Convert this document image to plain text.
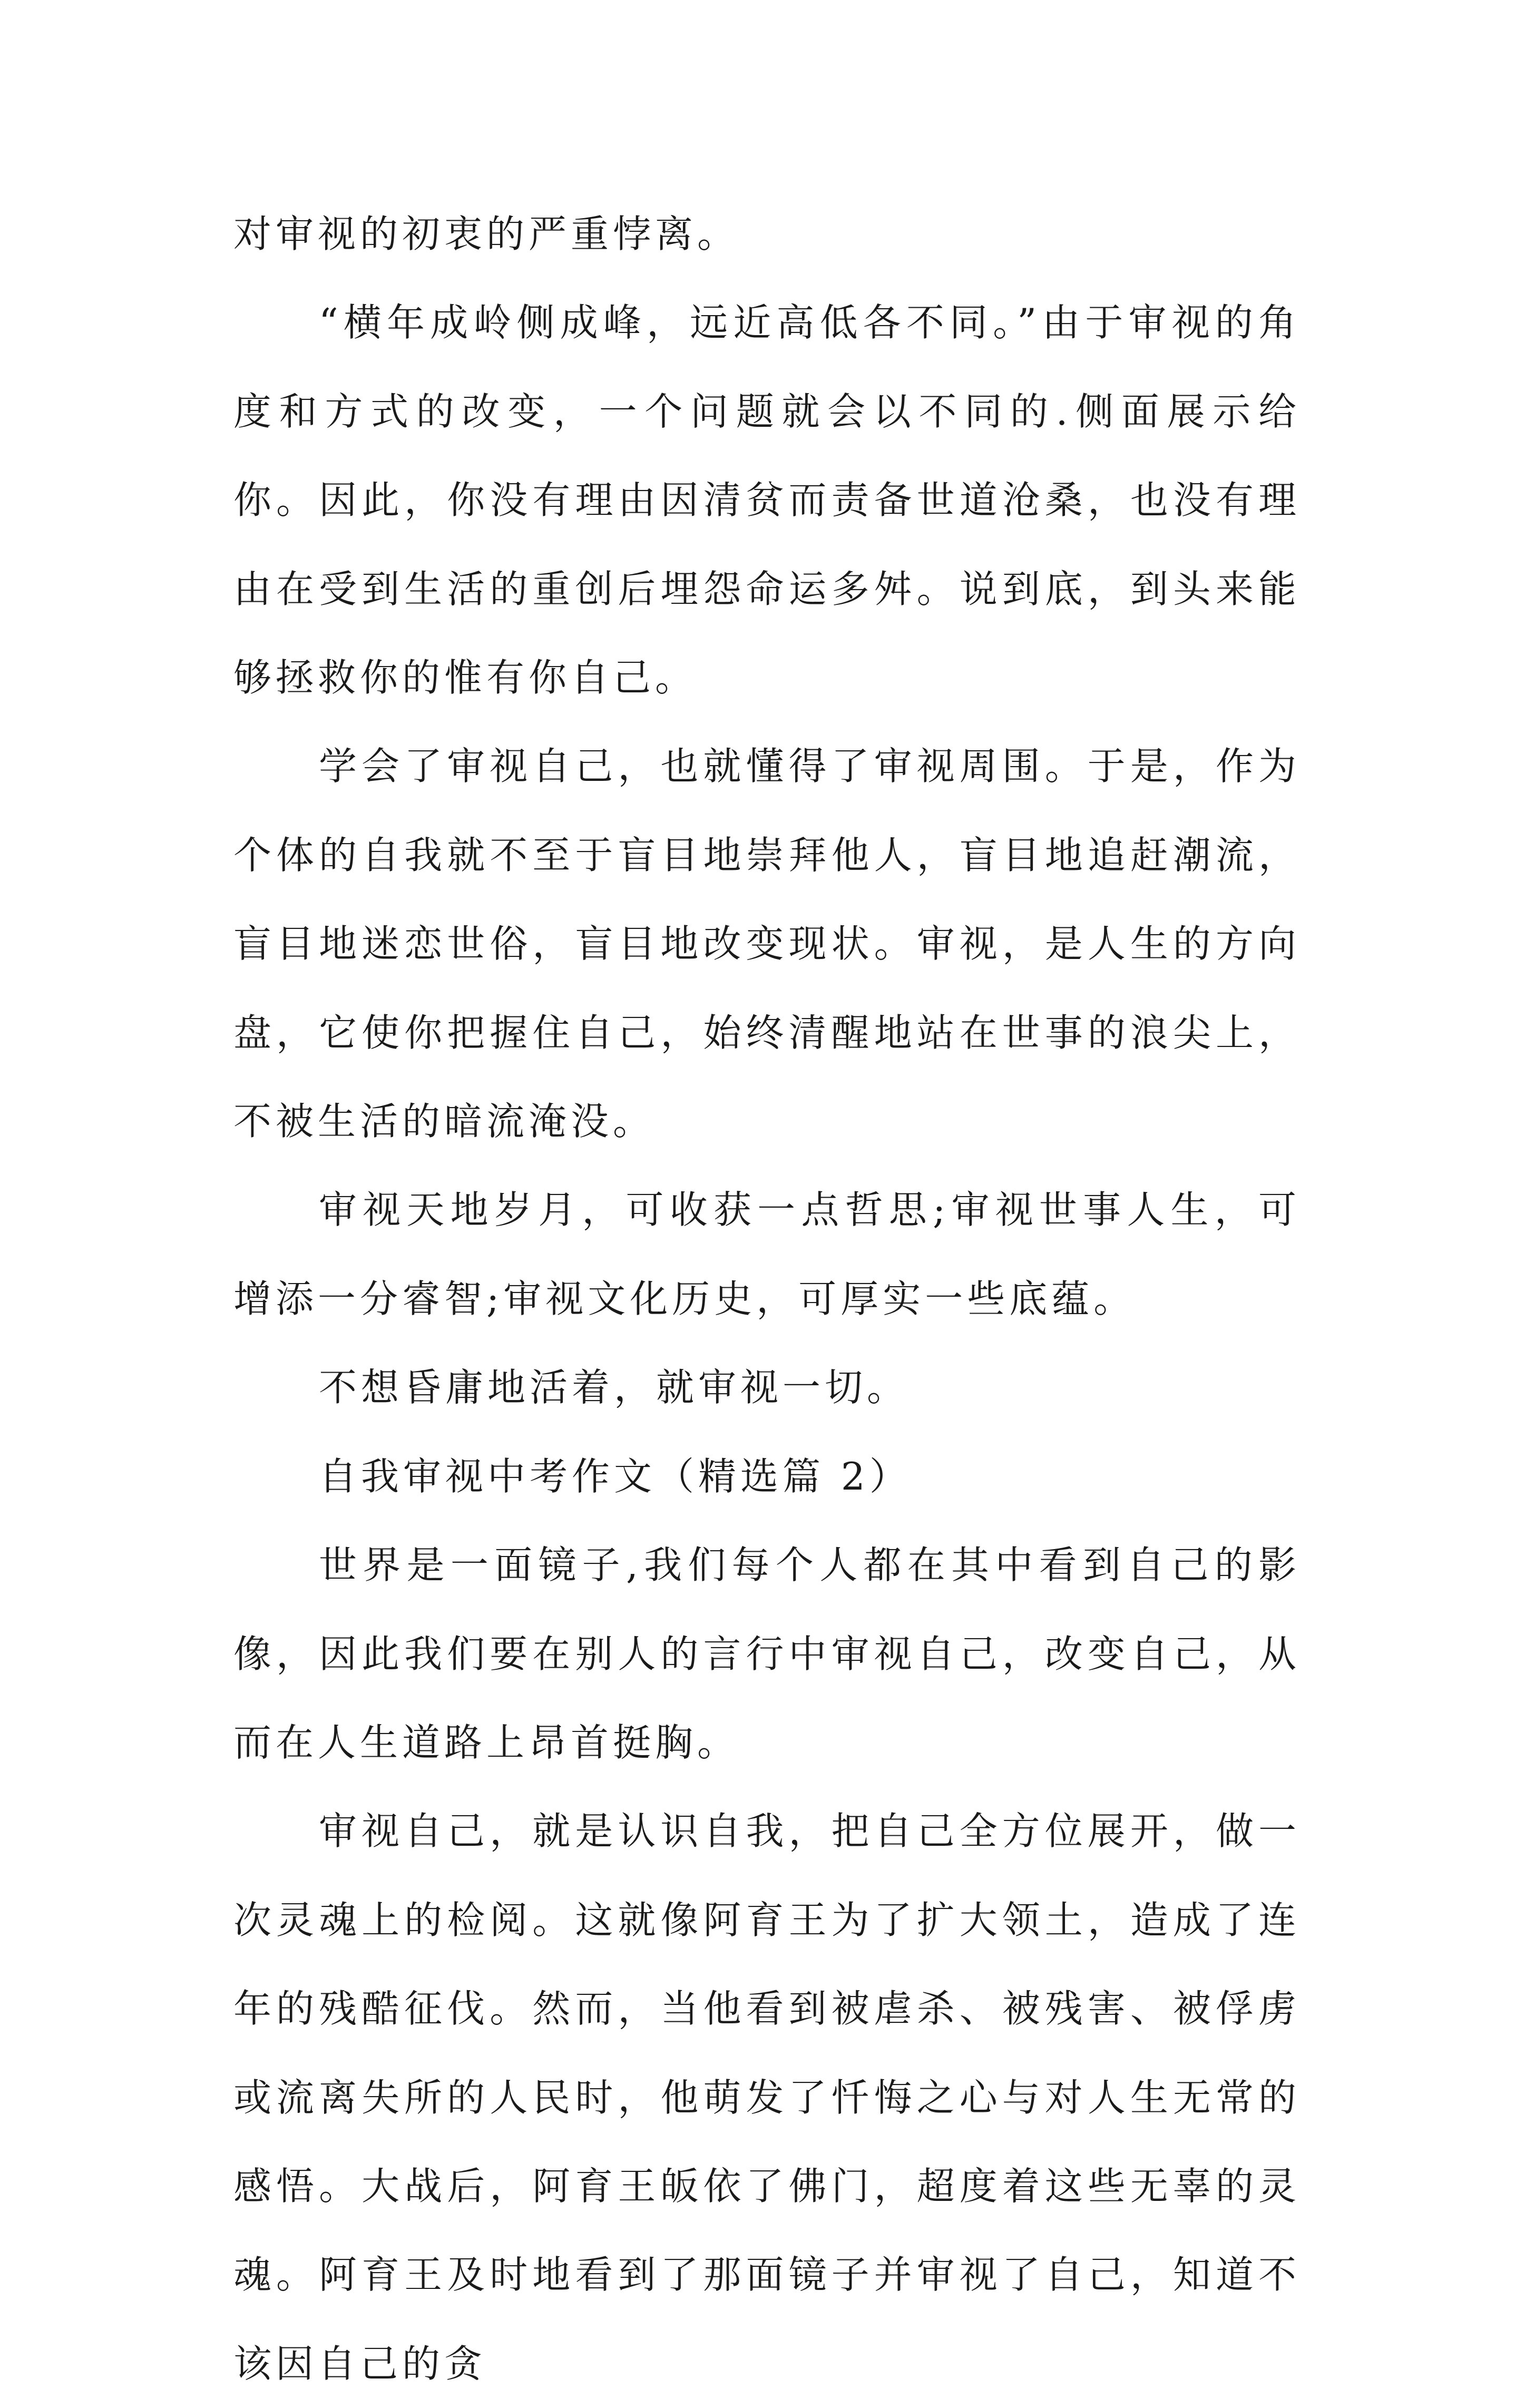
对审视的初衷的严重悖离。

“横年成岭侧成峰，远近高低各不同。”由于审视的角度和方式的改变，一个问题就会以不同的.侧面展示给你。因此，你没有理由因清贫而责备世道沧桑，也没有理由在受到生活的重创后埋怨命运多舛。说到底，到头来能够拯救你的惟有你自己。

学会了审视自己，也就懂得了审视周围。于是，作为个体的自我就不至于盲目地崇拜他人，盲目地追赶潮流，盲目地迷恋世俗，盲目地改变现状。审视，是人生的方向盘，它使你把握住自己，始终清醒地站在世事的浪尖上，不被生活的暗流淹没。

审视天地岁月，可收获一点哲思;审视世事人生，可增添一分睿智;审视文化历史，可厚实一些底蕴。

不想昏庸地活着，就审视一切。

自我审视中考作文（精选篇 2）

世界是一面镜子,我们每个人都在其中看到自己的影像，因此我们要在别人的言行中审视自己，改变自己，从而在人生道路上昂首挺胸。

审视自己，就是认识自我，把自己全方位展开，做一次灵魂上的检阅。这就像阿育王为了扩大领土，造成了连年的残酷征伐。然而，当他看到被虐杀、被残害、被俘虏或流离失所的人民时，他萌发了忏悔之心与对人生无常的感悟。大战后，阿育王皈依了佛门，超度着这些无辜的灵魂。阿育王及时地看到了那面镜子并审视了自己，知道不该因自己的贪
